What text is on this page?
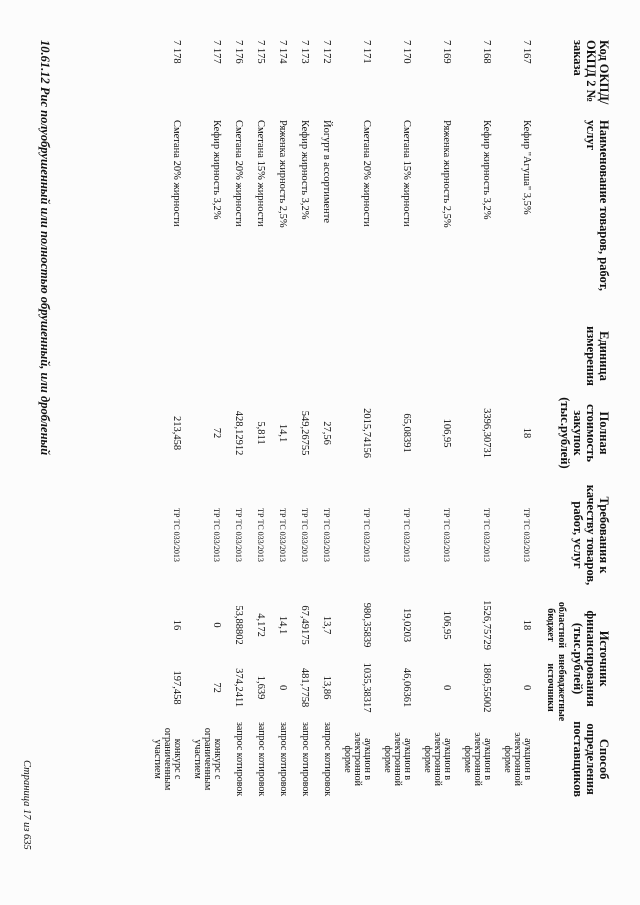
Код ОКПД/ ОКПД 2 № заказа	Наименование товаров, работ, услуг	Единица измерения	Полная стоимость закупок (тыс.рублей)	Требования к качеству товаров, работ, услуг	Источник финансирования (тыс.рублей)		Способ определения поставщиков
					областной бюджет	внебюджетные источники	
7 167	Кефир "Агуша" 3,5%		18	ТР ТС 033/2013	18	0	аукцион в электронной форме
7 168	Кефир жирность 3,2%		3396,30731	ТР ТС 033/2013	1526,75729	1869,55002	аукцион в электронной форме
7 169	Ряженка жирность 2,5%		106,95	ТР ТС 033/2013	106,95	0	аукцион в электронной форме
7 170	Сметана 15% жирности		65,08391	ТР ТС 033/2013	19,0203	46,06361	аукцион в электронной форме
7 171	Сметана 20% жирности		2015,74156	ТР ТС 033/2013	980,35839	1035,38317	аукцион в электронной форме
7 172	Йогурт в ассортименте		27,56	ТР ТС 033/2013	13,7	13,86	запрос котировок
7 173	Кефир жирность 3,2%		549,26755	ТР ТС 033/2013	67,49175	481,7758	запрос котировок
7 174	Ряженка жирность 2,5%		14,1	ТР ТС 033/2013	14,1	0	запрос котировок
7 175	Сметана 15% жирности		5,811	ТР ТС 033/2013	4,172	1,639	запрос котировок
7 176	Сметана 20% жирности		428,12912	ТР ТС 033/2013	53,88802	374,2411	запрос котировок
7 177	Кефир жирность 3,2%		72	ТР ТС 033/2013	0	72	конкурс с ограниченным участием
7 178	Сметана 20% жирности		213,458	ТР ТС 033/2013	16	197,458	конкурс с ограниченным участием
10.61.12 Рис полуобрушенный или полностью обрушенный, или дробленый
Страница 17 из 635
